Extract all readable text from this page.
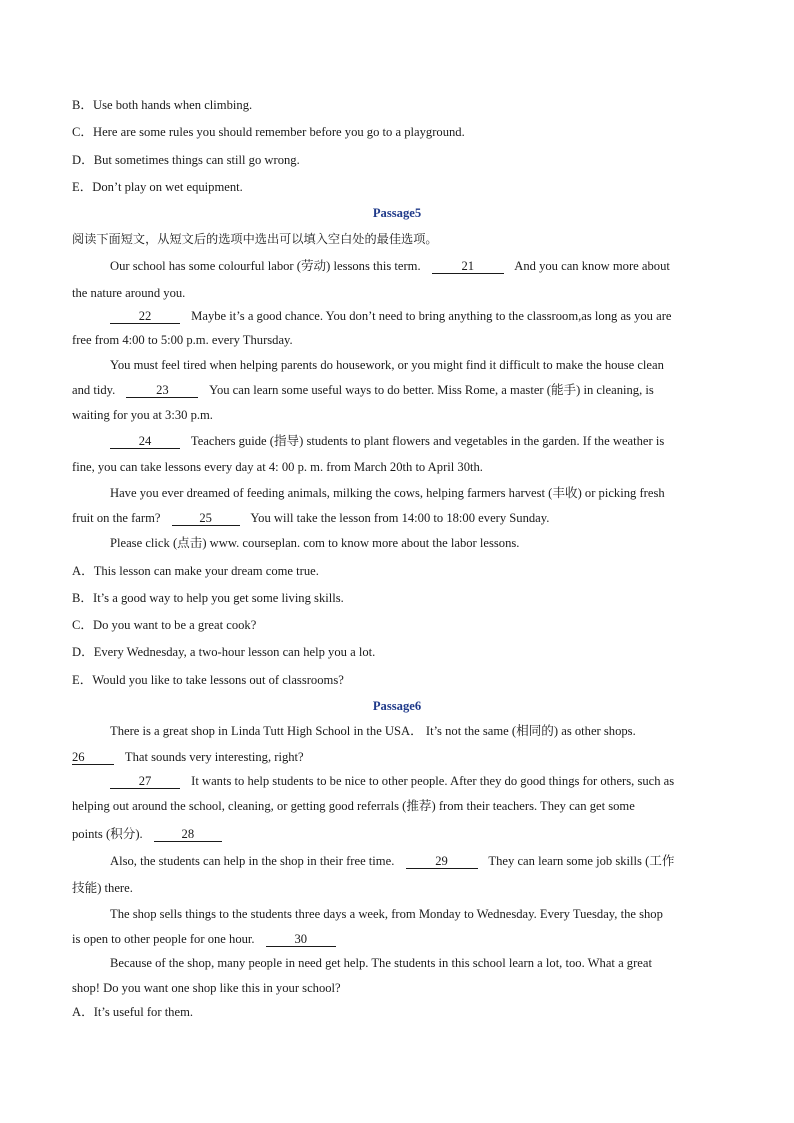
B．Use both hands when climbing.
C．Here are some rules you should remember before you go to a playground.
D．But sometimes things can still go wrong.
E．Don’t play on wet equipment.
Passage5
阅读下面短文，从短文后的选项中选出可以填入空白处的最佳选项。
Our school has some colourful labor (劳动) lessons this term.	21	And you can know more about
the nature around you.
22	Maybe it’s a good chance. You don’t need to bring anything to the classroom,as long as you are
free from 4:00 to 5:00 p.m. every Thursday.
You must feel tired when helping parents do housework, or you might find it difficult to make the house clean
and tidy.	23	You can learn some useful ways to do better. Miss Rome, a master (能手) in cleaning, is
waiting for you at 3:30 p.m.
24	Teachers guide (指导) students to plant flowers and vegetables in the garden. If the weather is
fine, you can take lessons every day at 4: 00 p. m. from March 20th to April 30th.
Have you ever dreamed of feeding animals, milking the cows, helping farmers harvest (丰收) or picking fresh
fruit on the farm?	25	You will take the lesson from 14:00 to 18:00 every Sunday.
Please click (点击) www. courseplan. com to know more about the labor lessons.
A．This lesson can make your dream come true.
B．It’s a good way to help you get some living skills.
C．Do you want to be a great cook?
D．Every Wednesday, a two-hour lesson can help you a lot.
E．Would you like to take lessons out of classrooms?
Passage6
There is a great shop in Linda Tutt High School in the USA． It’s not the same (相同的) as other shops.
26	That sounds very interesting, right?
27	It wants to help students to be nice to other people. After they do good things for others, such as
helping out around the school, cleaning, or getting good referrals (推荐) from their teachers. They can get some
points (积分).	28
Also, the students can help in the shop in their free time.	29	They can learn some job skills (工作
技能) there.
The shop sells things to the students three days a week, from Monday to Wednesday. Every Tuesday, the shop
is open to other people for one hour.	30
Because of the shop, many people in need get help. The students in this school learn a lot, too. What a great
shop! Do you want one shop like this in your school?
A．It’s useful for them.
